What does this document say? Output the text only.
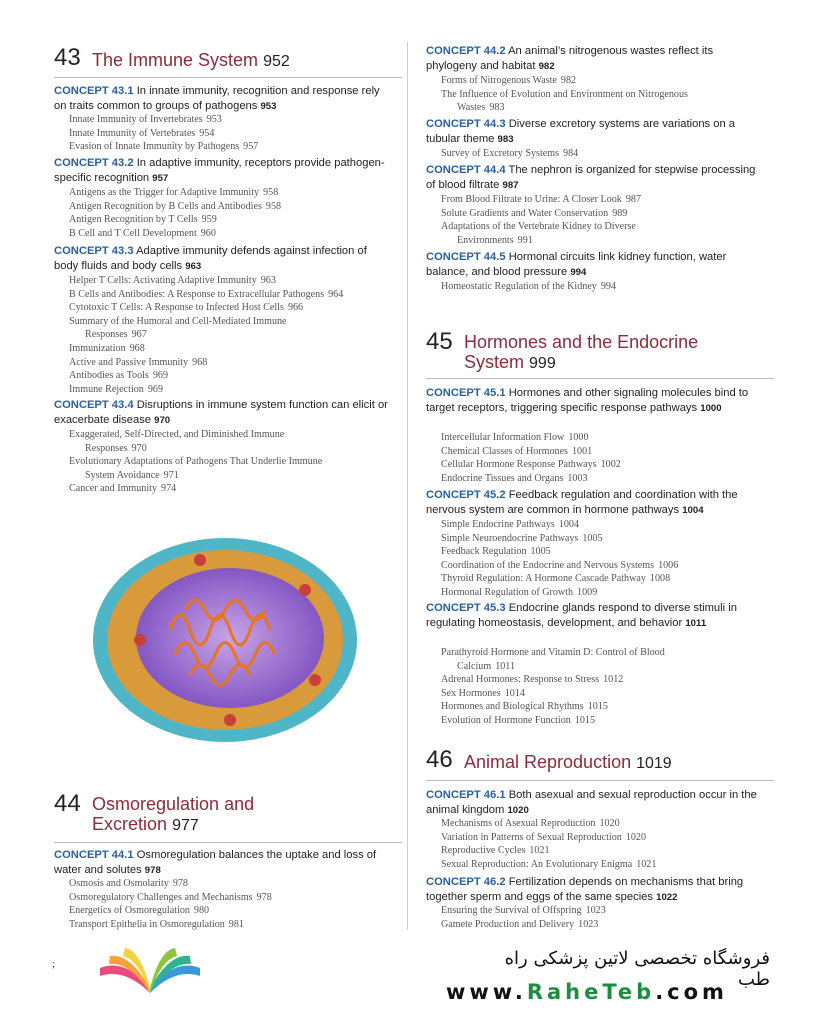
43 The Immune System 952
CONCEPT 43.1 In innate immunity, recognition and response rely on traits common to groups of pathogens 953
Innate Immunity of Invertebrates 953
Innate Immunity of Vertebrates 954
Evasion of Innate Immunity by Pathogens 957
CONCEPT 43.2 In adaptive immunity, receptors provide pathogen-specific recognition 957
Antigens as the Trigger for Adaptive Immunity 958
Antigen Recognition by B Cells and Antibodies 958
Antigen Recognition by T Cells 959
B Cell and T Cell Development 960
CONCEPT 43.3 Adaptive immunity defends against infection of body fluids and body cells 963
Helper T Cells: Activating Adaptive Immunity 963
B Cells and Antibodies: A Response to Extracellular Pathogens 964
Cytotoxic T Cells: A Response to Infected Host Cells 966
Summary of the Humoral and Cell-Mediated Immune
Responses 967
Immunization 968
Active and Passive Immunity 968
Antibodies as Tools 969
Immune Rejection 969
CONCEPT 43.4 Disruptions in immune system function can elicit or exacerbate disease 970
Exaggerated, Self-Directed, and Diminished Immune
Responses 970
Evolutionary Adaptations of Pathogens That Underlie Immune
System Avoidance 971
Cancer and Immunity 974
44 Osmoregulation and
Excretion 977
CONCEPT 44.1 Osmoregulation balances the uptake and loss of water and solutes 978
Osmosis and Osmolarity 978
Osmoregulatory Challenges and Mechanisms 978
Energetics of Osmoregulation 980
Transport Epithelia in Osmoregulation 981
CONCEPT 44.2 An animal’s nitrogenous wastes reflect its phylogeny and habitat 982
Forms of Nitrogenous Waste 982
The Influence of Evolution and Environment on Nitrogenous
Wastes 983
CONCEPT 44.3 Diverse excretory systems are variations on a tubular theme 983
Survey of Excretory Systems 984
CONCEPT 44.4 The nephron is organized for stepwise processing of blood filtrate 987
From Blood Filtrate to Urine: A Closer Look 987
Solute Gradients and Water Conservation 989
Adaptations of the Vertebrate Kidney to Diverse
Environments 991
CONCEPT 44.5 Hormonal circuits link kidney function, water balance, and blood pressure 994
Homeostatic Regulation of the Kidney 994
45 Hormones and the Endocrine
System 999
CONCEPT 45.1 Hormones and other signaling molecules bind to target receptors, triggering specific response pathways 1000
Intercellular Information Flow 1000
Chemical Classes of Hormones 1001
Cellular Hormone Response Pathways 1002
Endocrine Tissues and Organs 1003
CONCEPT 45.2 Feedback regulation and coordination with the nervous system are common in hormone pathways 1004
Simple Endocrine Pathways 1004
Simple Neuroendocrine Pathways 1005
Feedback Regulation 1005
Coordination of the Endocrine and Nervous Systems 1006
Thyroid Regulation: A Hormone Cascade Pathway 1008
Hormonal Regulation of Growth 1009
CONCEPT 45.3 Endocrine glands respond to diverse stimuli in regulating homeostasis, development, and behavior 1011
Parathyroid Hormone and Vitamin D: Control of Blood
Calcium 1011
Adrenal Hormones: Response to Stress 1012
Sex Hormones 1014
Hormones and Biological Rhythms 1015
Evolution of Hormone Function 1015
46 Animal Reproduction 1019
CONCEPT 46.1 Both asexual and sexual reproduction occur in the animal kingdom 1020
Mechanisms of Asexual Reproduction 1020
Variation in Patterns of Sexual Reproduction 1020
Reproductive Cycles 1021
Sexual Reproduction: An Evolutionary Enigma 1021
CONCEPT 46.2 Fertilization depends on mechanisms that bring together sperm and eggs of the same species 1022
Ensuring the Survival of Offspring 1023
Gamete Production and Delivery 1023
;	فروشگاه تخصصی لاتین پزشکی راه طب
www.RaheTeb.com
